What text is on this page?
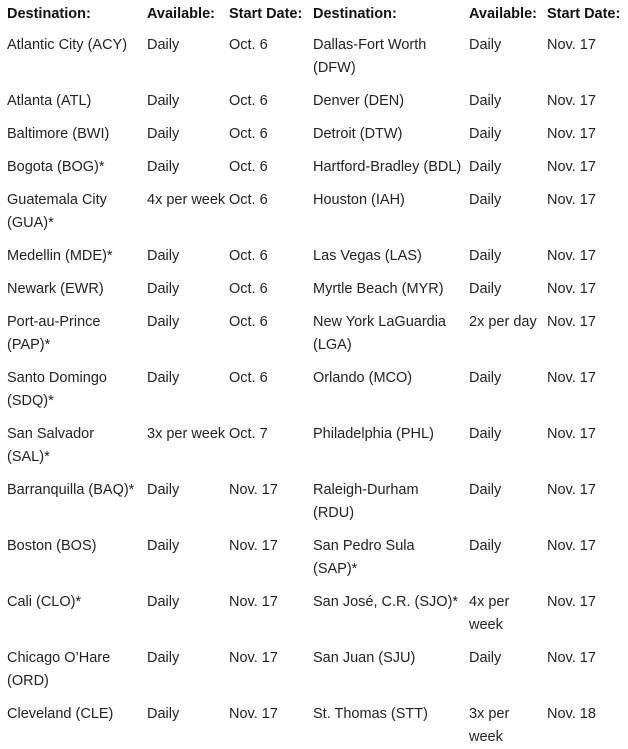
Destination:	Available:	Start Date:	Destination:	Available:	Start Date:
Atlantic City (ACY)	Daily	Oct. 6	Dallas-Fort Worth (DFW)	Daily	Nov. 17
Atlanta (ATL)	Daily	Oct. 6	Denver (DEN)	Daily	Nov. 17
Baltimore (BWI)	Daily	Oct. 6	Detroit (DTW)	Daily	Nov. 17
Bogota (BOG)*	Daily	Oct. 6	Hartford-Bradley (BDL)	Daily	Nov. 17
Guatemala City (GUA)*	4x per week	Oct. 6	Houston (IAH)	Daily	Nov. 17
Medellin (MDE)*	Daily	Oct. 6	Las Vegas (LAS)	Daily	Nov. 17
Newark (EWR)	Daily	Oct. 6	Myrtle Beach (MYR)	Daily	Nov. 17
Port-au-Prince (PAP)*	Daily	Oct. 6	New York LaGuardia (LGA)	2x per day	Nov. 17
Santo Domingo (SDQ)*	Daily	Oct. 6	Orlando (MCO)	Daily	Nov. 17
San Salvador (SAL)*	3x per week	Oct. 7	Philadelphia (PHL)	Daily	Nov. 17
Barranquilla (BAQ)*	Daily	Nov. 17	Raleigh-Durham (RDU)	Daily	Nov. 17
Boston (BOS)	Daily	Nov. 17	San Pedro Sula (SAP)*	Daily	Nov. 17
Cali (CLO)*	Daily	Nov. 17	San José, C.R. (SJO)*	4x per week	Nov. 17
Chicago O’Hare (ORD)	Daily	Nov. 17	San Juan (SJU)	Daily	Nov. 17
Cleveland (CLE)	Daily	Nov. 17	St. Thomas (STT)	3x per week	Nov. 18
